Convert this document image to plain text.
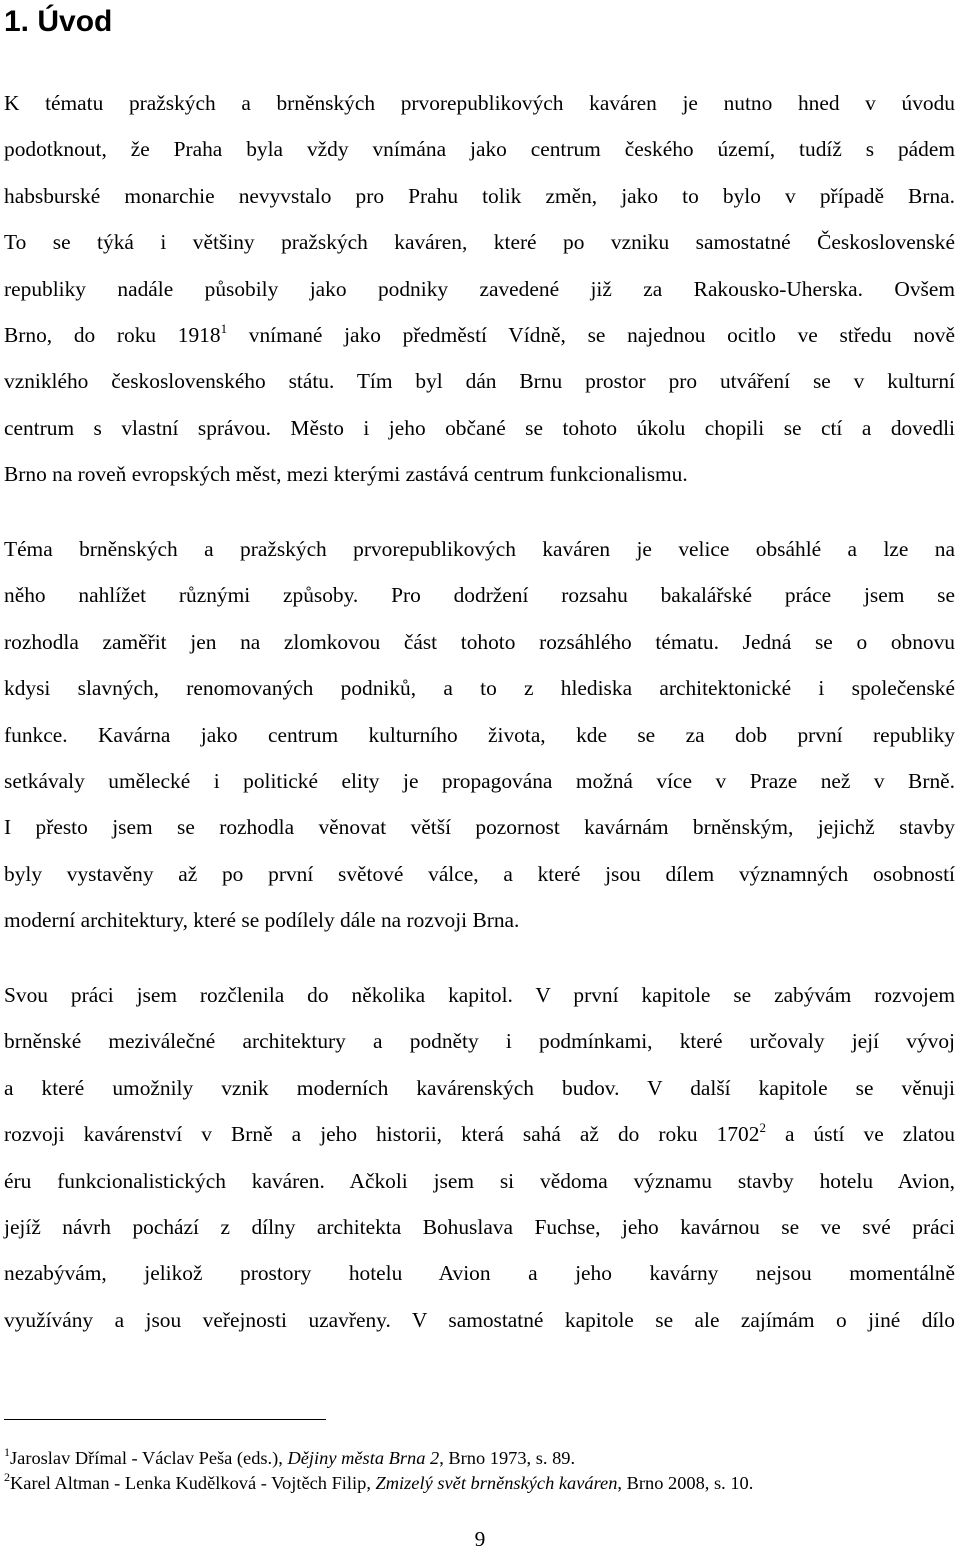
1. Úvod
K tématu pražských a brněnských prvorepublikových kaváren je nutno hned v úvodu
podotknout, že Praha byla vždy vnímána jako centrum českého území, tudíž s pádem
habsburské monarchie nevyvstalo pro Prahu tolik změn, jako to bylo v případě Brna.
To se týká i většiny pražských kaváren, které po vzniku samostatné Československé
republiky nadále působily jako podniky zavedené již za Rakousko-Uherska. Ovšem
Brno, do roku 1918$^1$ vnímané jako předměstí Vídně, se najednou ocitlo ve středu nově
vzniklého československého státu. Tím byl dán Brnu prostor pro utváření se v kulturní
centrum s vlastní správou. Město i jeho občané se tohoto úkolu chopili se ctí a dovedli
Brno na roveň evropských měst, mezi kterými zastává centrum funkcionalismu.
Téma brněnských a pražských prvorepublikových kaváren je velice obsáhlé a lze na
něho nahlížet různými způsoby. Pro dodržení rozsahu bakalářské práce jsem se
rozhodla zaměřit jen na zlomkovou část tohoto rozsáhlého tématu. Jedná se o obnovu
kdysi slavných, renomovaných podniků, a to z hlediska architektonické i společenské
funkce. Kavárna jako centrum kulturního života, kde se za dob první republiky
setkávaly umělecké i politické elity je propagována možná více v Praze než v Brně.
I přesto jsem se rozhodla věnovat větší pozornost kavárnám brněnským, jejichž stavby
byly vystavěny až po první světové válce, a které jsou dílem významných osobností
moderní architektury, které se podílely dále na rozvoji Brna.
Svou práci jsem rozčlenila do několika kapitol. V první kapitole se zabývám rozvojem
brněnské meziválečné architektury a podněty i podmínkami, které určovaly její vývoj
a které umožnily vznik moderních kavárenských budov. V další kapitole se věnuji
rozvoji kavárenství v Brně a jeho historii, která sahá až do roku 1702$^2$ a ústí ve zlatou
éru funkcionalistických kaváren. Ačkoli jsem si vědoma významu stavby hotelu Avion,
jejíž návrh pochází z dílny architekta Bohuslava Fuchse, jeho kavárnou se ve své práci
nezabývám, jelikož prostory hotelu Avion a jeho kavárny nejsou momentálně
využívány a jsou veřejnosti uzavřeny. V samostatné kapitole se ale zajímám o jiné dílo
$^1$Jaroslav Dřímal - Václav Peša (eds.), Dějiny města Brna 2, Brno 1973, s. 89.
$^2$Karel Altman - Lenka Kudělková - Vojtěch Filip, Zmizelý svět brněnských kaváren, Brno 2008, s. 10.
9
